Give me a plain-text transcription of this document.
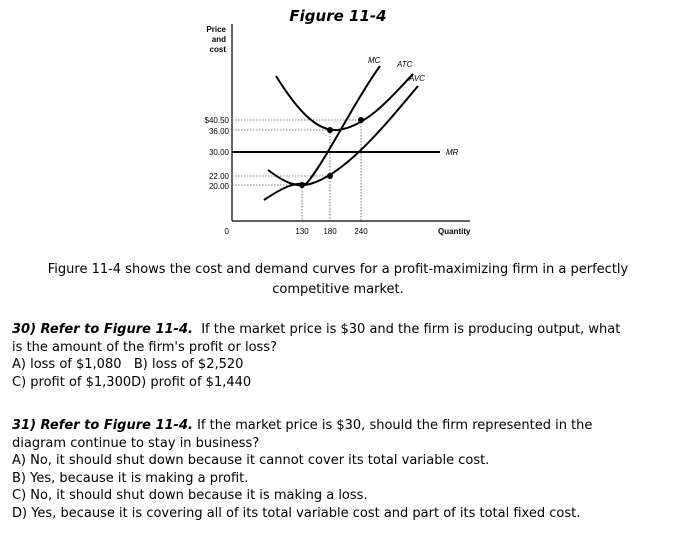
Figure 11-4
Price
and
cost
$40.50
36.00
30.00
22.00
20.00
0	130 180 240	Quantity
MR
MC ATC
AVC
Figure 11-4 shows the cost and demand curves for a profit-maximizing firm in a perfectly competitive market.
30) Refer to Figure 11-4. If the market price is $30 and the firm is producing output, what
is the amount of the firm's profit or loss?
A) loss of $1,080   B) loss of $2,520
C) profit of $1,300D) profit of $1,440
31) Refer to Figure 11-4. If the market price is $30, should the firm represented in the
diagram continue to stay in business?
A) No, it should shut down because it cannot cover its total variable cost.
B) Yes, because it is making a profit.
C) No, it should shut down because it is making a loss.
D) Yes, because it is covering all of its total variable cost and part of its total fixed cost.
